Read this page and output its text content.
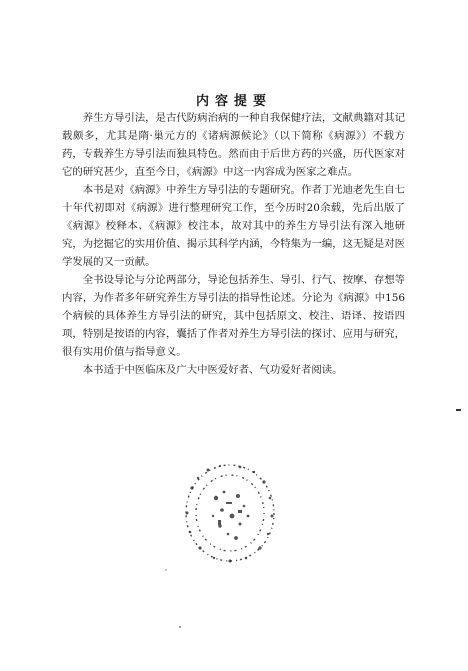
内容提要

养生方导引法，是古代防病治病的一种自我保健疗法，文献典籍对其记载颇多，尤其是隋·巢元方的《诸病源候论》（以下简称《病源》）不载方药，专载养生方导引法而独具特色。然而由于后世方药的兴盛，历代医家对它的研究甚少，直至今日，《病源》中这一内容成为医家之难点。

本书是对《病源》中养生方导引法的专题研究。作者丁光迪老先生自七十年代初即对《病源》进行整理研究工作，至今历时20余载，先后出版了《病源》校释本、《病源》校注本，故对其中的养生方导引法有深入地研究，为挖掘它的实用价值、揭示其科学内涵，今特集为一编，这无疑是对医学发展的又一贡献。

全书设导论与分论两部分，导论包括养生、导引、行气、按摩、存想等内容，为作者多年研究养生方导引法的指导性论述。分论为《病源》中156个病候的具体养生方导引法的研究，其中包括原文、校注、语译、按语四项，特别是按语的内容，囊括了作者对养生方导引法的探讨、应用与研究，很有实用价值与指导意义。

本书适于中医临床及广大中医爱好者、气功爱好者阅读。
